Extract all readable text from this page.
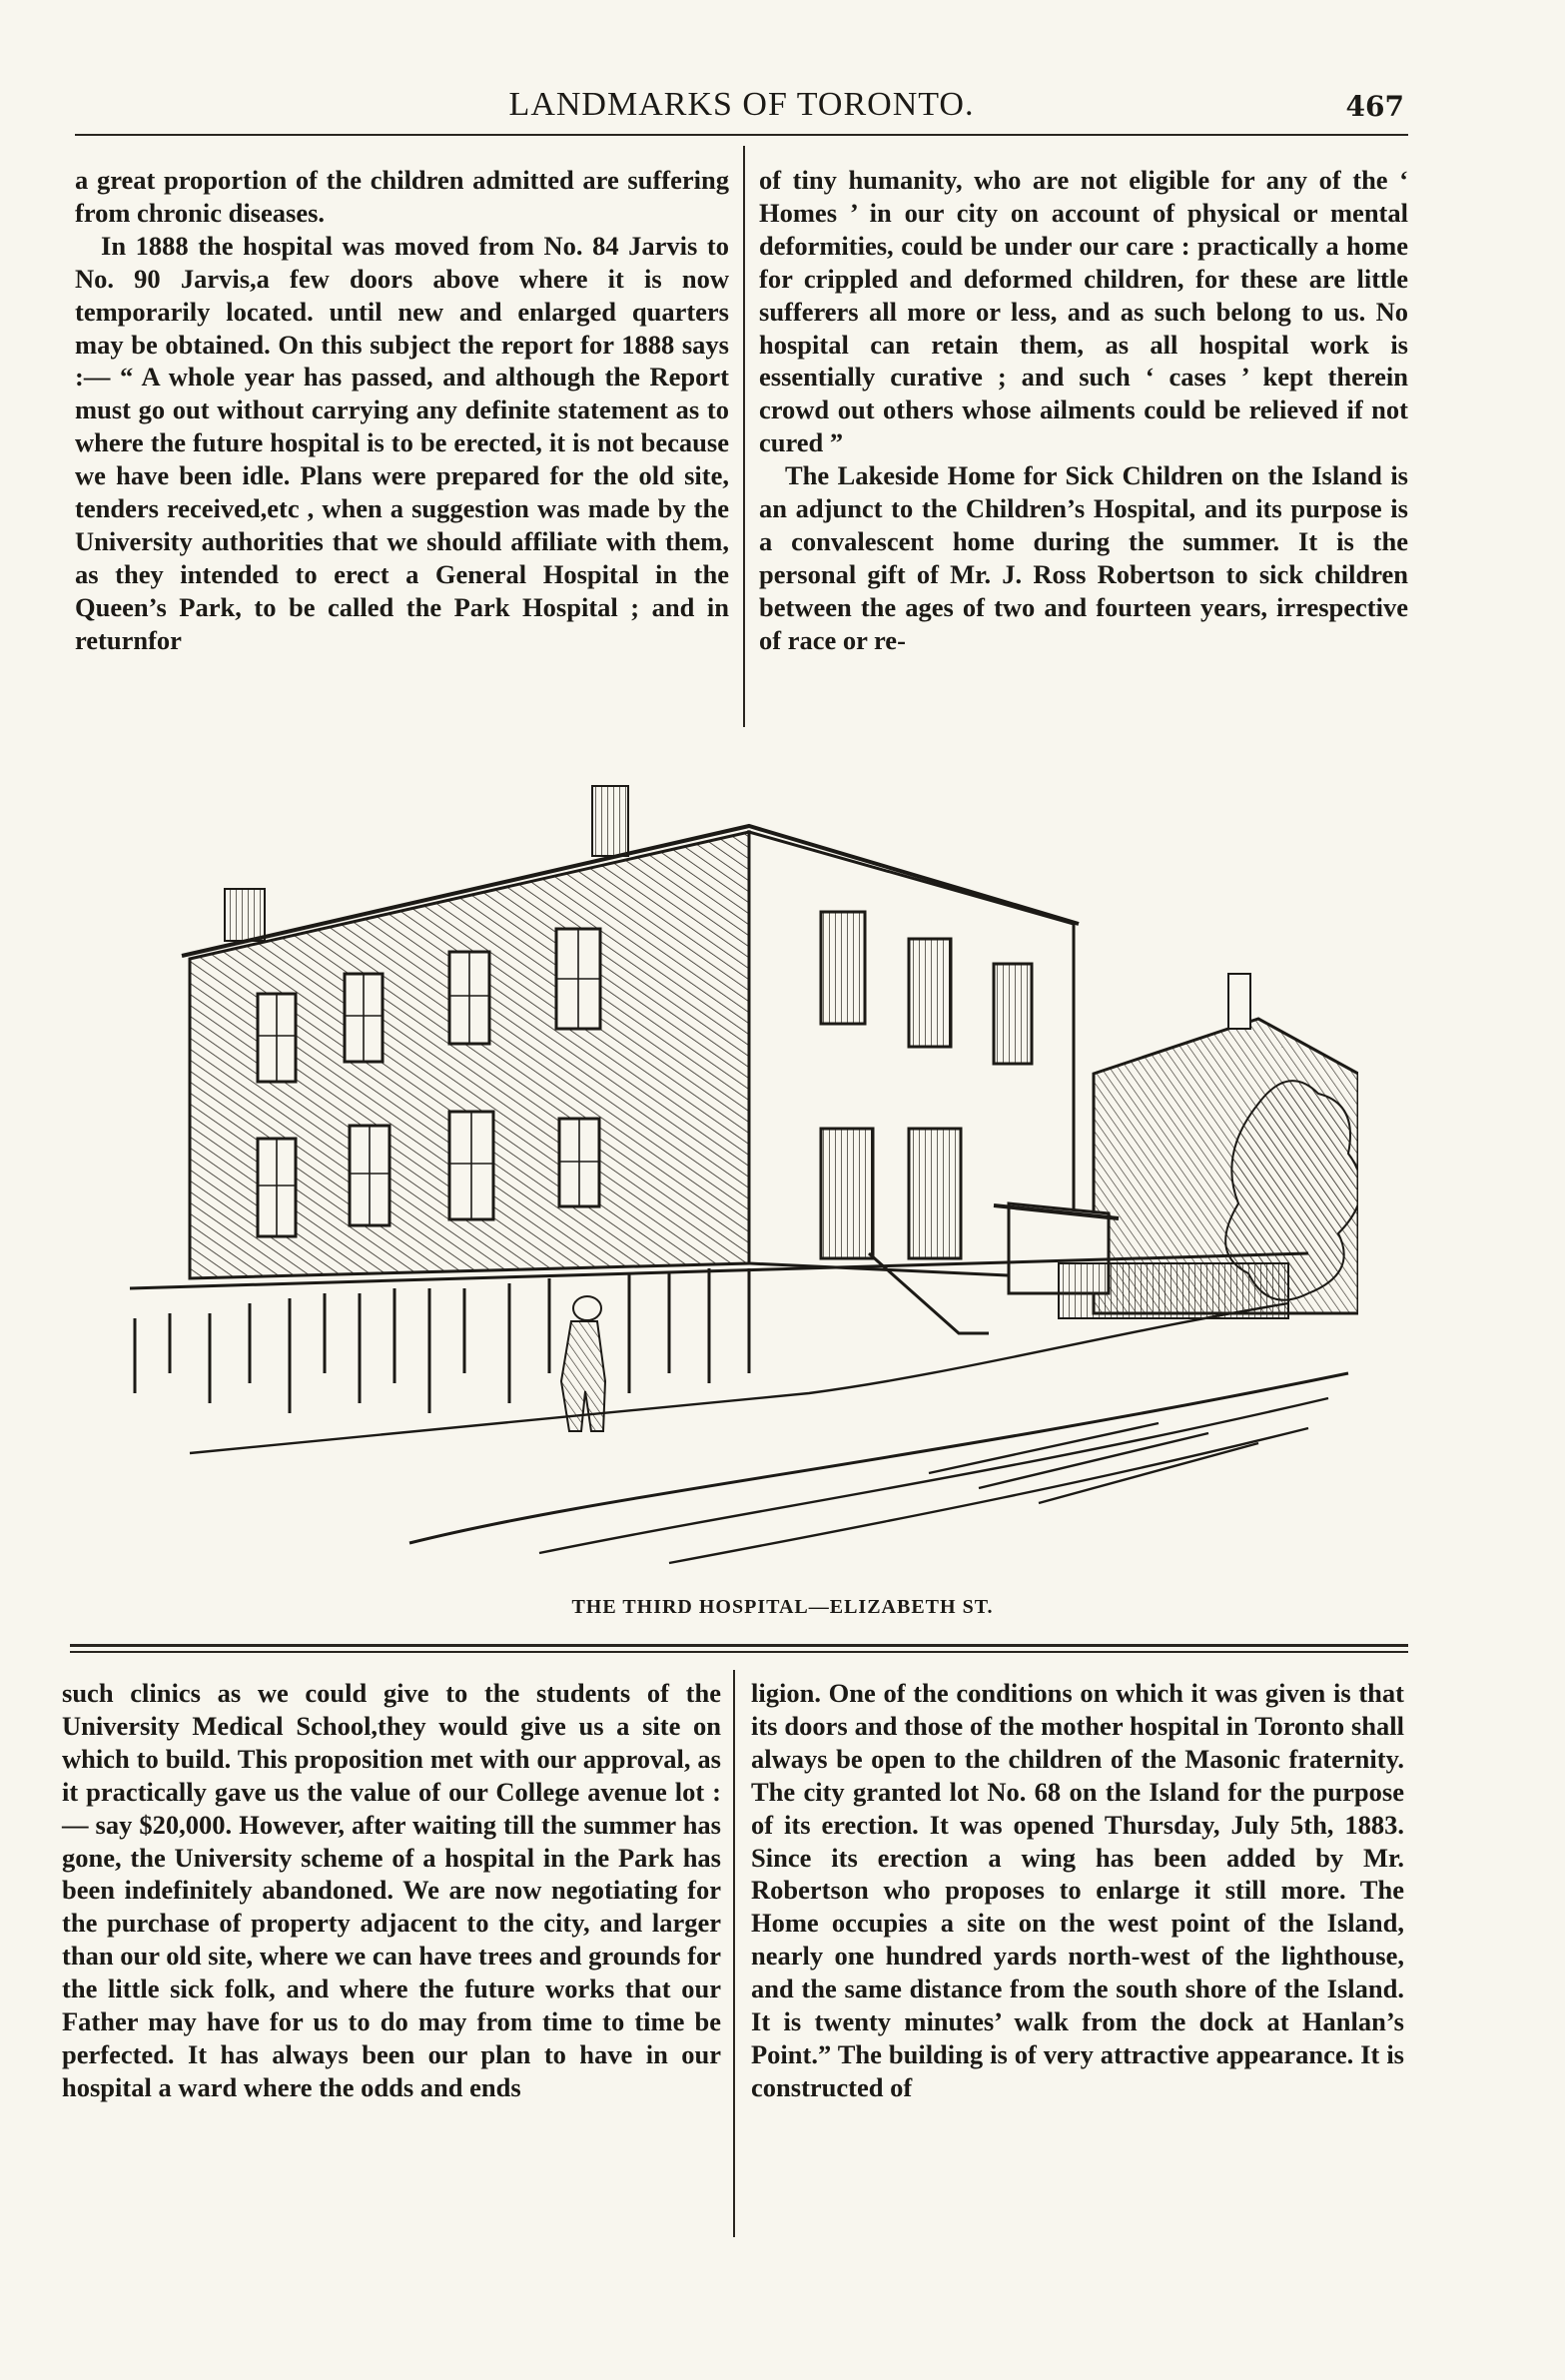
LANDMARKS OF TORONTO.	467

a great proportion of the children admitted are suffering from chronic diseases.

In 1888 the hospital was moved from No. 84 Jarvis to No. 90 Jarvis,a few doors above where it is now temporarily located. until new and enlarged quarters may be obtained. On this subject the report for 1888 says :— “ A whole year has passed, and although the Report must go out without carrying any definite statement as to where the future hospital is to be erected, it is not because we have been idle. Plans were prepared for the old site, tenders received,etc , when a suggestion was made by the University authorities that we should affiliate with them, as they intended to erect a General Hospital in the Queen’s Park, to be called the Park Hospital ; and in returnfor

of tiny humanity, who are not eligible for any of the ‘ Homes ’ in our city on account of physical or mental deformities, could be under our care : practically a home for crippled and deformed children, for these are little sufferers all more or less, and as such belong to us. No hospital can retain them, as all hospital work is essentially curative ; and such ‘ cases ’ kept therein crowd out others whose ailments could be relieved if not cured ”

The Lakeside Home for Sick Children on the Island is an adjunct to the Children’s Hospital, and its purpose is a convalescent home during the summer. It is the personal gift of Mr. J. Ross Robertson to sick children between the ages of two and fourteen years, irrespective of race or re-

THE THIRD HOSPITAL—ELIZABETH ST.

such clinics as we could give to the students of the University Medical School,they would give us a site on which to build. This proposition met with our approval, as it practically gave us the value of our College avenue lot :— say $20,000. However, after waiting till the summer has gone, the University scheme of a hospital in the Park has been indefinitely abandoned. We are now negotiating for the purchase of property adjacent to the city, and larger than our old site, where we can have trees and grounds for the little sick folk, and where the future works that our Father may have for us to do may from time to time be perfected. It has always been our plan to have in our hospital a ward where the odds and ends

ligion. One of the conditions on which it was given is that its doors and those of the mother hospital in Toronto shall always be open to the children of the Masonic fraternity. The city granted lot No. 68 on the Island for the purpose of its erection. It was opened Thursday, July 5th, 1883. Since its erection a wing has been added by Mr. Robertson who proposes to enlarge it still more. The Home occupies a site on the west point of the Island, nearly one hundred yards north-west of the lighthouse, and the same distance from the south shore of the Island. It is twenty minutes’ walk from the dock at Hanlan’s Point.” The building is of very attractive appearance. It is constructed of
